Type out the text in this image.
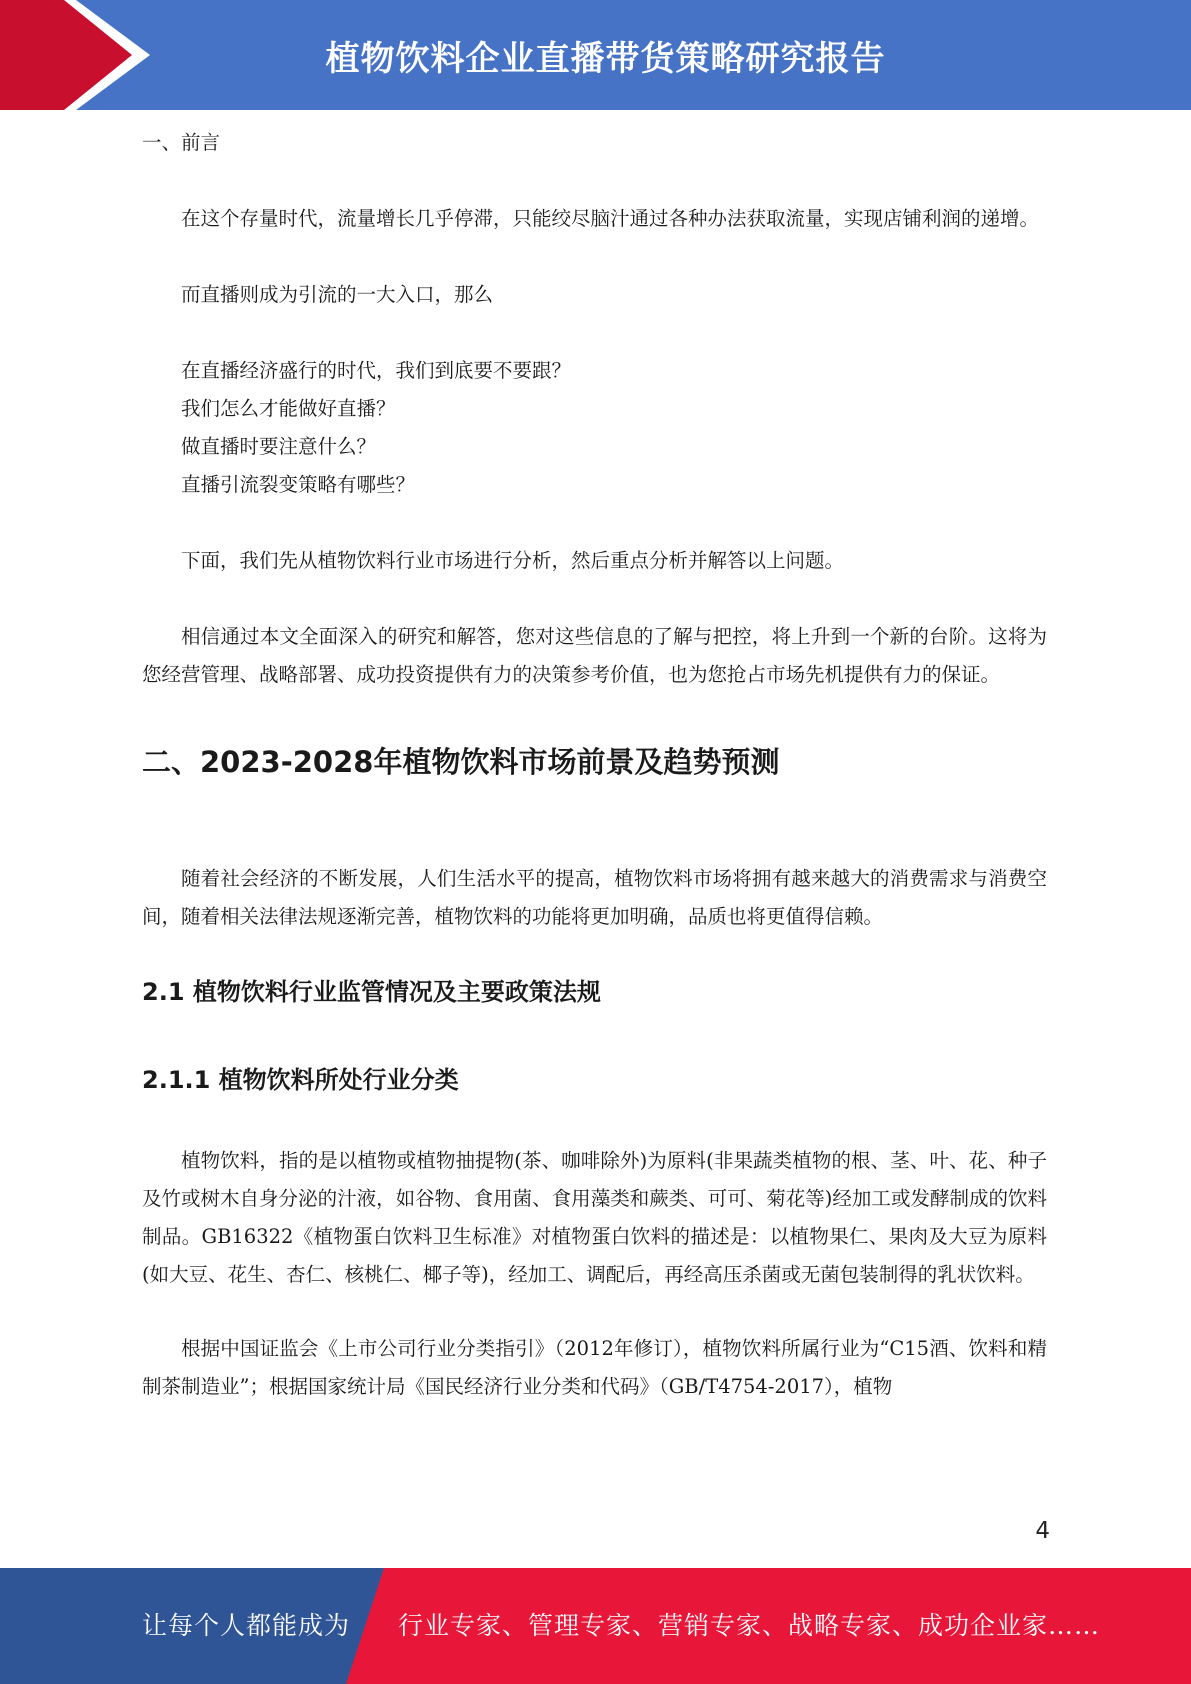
植物饮料企业直播带货策略研究报告

一、前言

在这个存量时代，流量增长几乎停滞，只能绞尽脑汁通过各种办法获取流量，实现店铺利润的递增。

而直播则成为引流的一大入口，那么

在直播经济盛行的时代，我们到底要不要跟？

我们怎么才能做好直播？

做直播时要注意什么？

直播引流裂变策略有哪些？

下面，我们先从植物饮料行业市场进行分析，然后重点分析并解答以上问题。

相信通过本文全面深入的研究和解答，您对这些信息的了解与把控，将上升到一个新的台阶。这将为您经营管理、战略部署、成功投资提供有力的决策参考价值，也为您抢占市场先机提供有力的保证。

二、2023-2028年植物饮料市场前景及趋势预测

随着社会经济的不断发展，人们生活水平的提高，植物饮料市场将拥有越来越大的消费需求与消费空间，随着相关法律法规逐渐完善，植物饮料的功能将更加明确，品质也将更值得信赖。

2.1 植物饮料行业监管情况及主要政策法规
2.1.1 植物饮料所处行业分类

植物饮料，指的是以植物或植物抽提物(茶、咖啡除外)为原料(非果蔬类植物的根、茎、叶、花、种子及竹或树木自身分泌的汁液，如谷物、食用菌、食用藻类和蕨类、可可、菊花等)经加工或发酵制成的饮料制品。GB16322《植物蛋白饮料卫生标准》对植物蛋白饮料的描述是：以植物果仁、果肉及大豆为原料(如大豆、花生、杏仁、核桃仁、椰子等)，经加工、调配后，再经高压杀菌或无菌包装制得的乳状饮料。

根据中国证监会《上市公司行业分类指引》（2012年修订），植物饮料所属行业为“C15酒、饮料和精制茶制造业”；根据国家统计局《国民经济行业分类和代码》（GB/T4754-2017），植物

4
让每个人都能成为 行业专家、管理专家、营销专家、战略专家、成功企业家……
